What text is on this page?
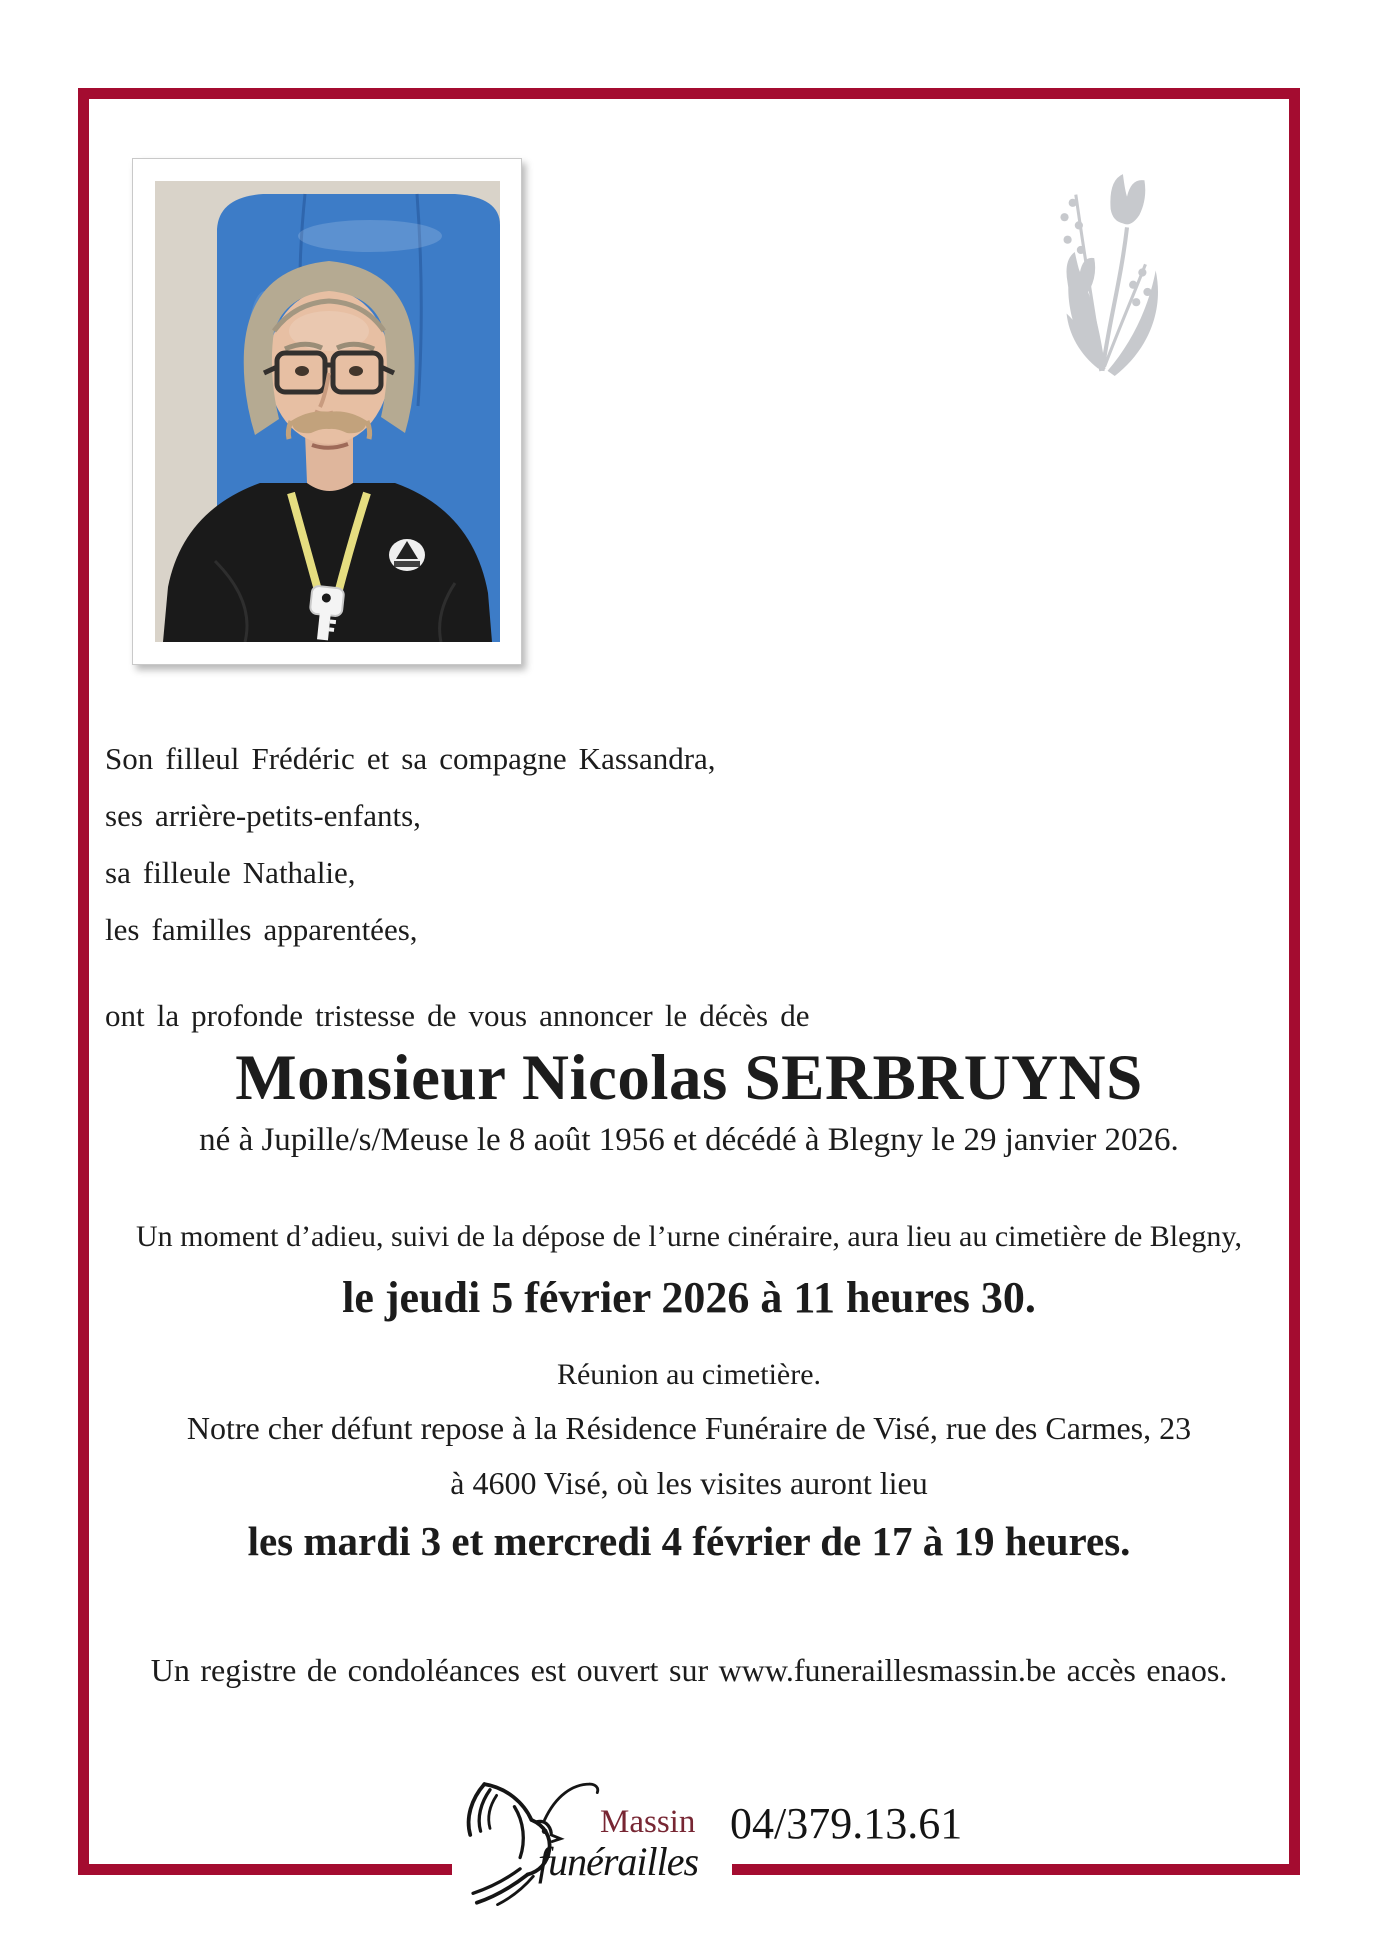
Son filleul Frédéric et sa compagne Kassandra,

ses arrière-petits-enfants,

sa filleule Nathalie,

les familles apparentées,

ont la profonde tristesse de vous annoncer le décès de

Monsieur Nicolas SERBRUYNS

né à Jupille/s/Meuse le 8 août 1956 et décédé à Blegny le 29 janvier 2026.

Un moment d’adieu, suivi de la dépose de l’urne cinéraire, aura lieu au cimetière de Blegny,

le jeudi 5 février 2026 à 11 heures 30.

Réunion au cimetière.

Notre cher défunt repose à la Résidence Funéraire de Visé, rue des Carmes, 23

à 4600 Visé, où les visites auront lieu

les mardi 3 et mercredi 4 février de 17 à 19 heures.

Un registre de condoléances est ouvert sur www.funeraillesmassin.be accès enaos.

Massin
funérailles
04/379.13.61
